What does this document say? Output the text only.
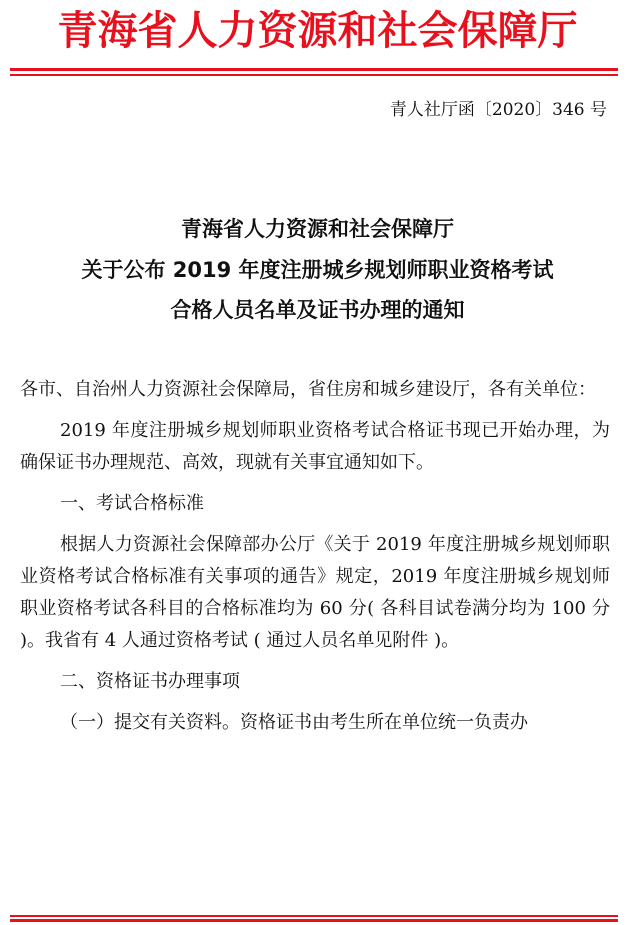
青海省人力资源和社会保障厅
青人社厅函〔2020〕346 号
青海省人力资源和社会保障厅
关于公布 2019 年度注册城乡规划师职业资格考试
合格人员名单及证书办理的通知

各市、自治州人力资源社会保障局，省住房和城乡建设厅，各有关单位：

2019 年度注册城乡规划师职业资格考试合格证书现已开始办理，为确保证书办理规范、高效，现就有关事宜通知如下。

一、考试合格标准

根据人力资源社会保障部办公厅《关于 2019 年度注册城乡规划师职业资格考试合格标准有关事项的通告》规定，2019 年度注册城乡规划师职业资格考试各科目的合格标准均为 60 分( 各科目试卷满分均为 100 分 )。我省有 4 人通过资格考试 ( 通过人员名单见附件 )。

二、资格证书办理事项

（一）提交有关资料。资格证书由考生所在单位统一负责办
